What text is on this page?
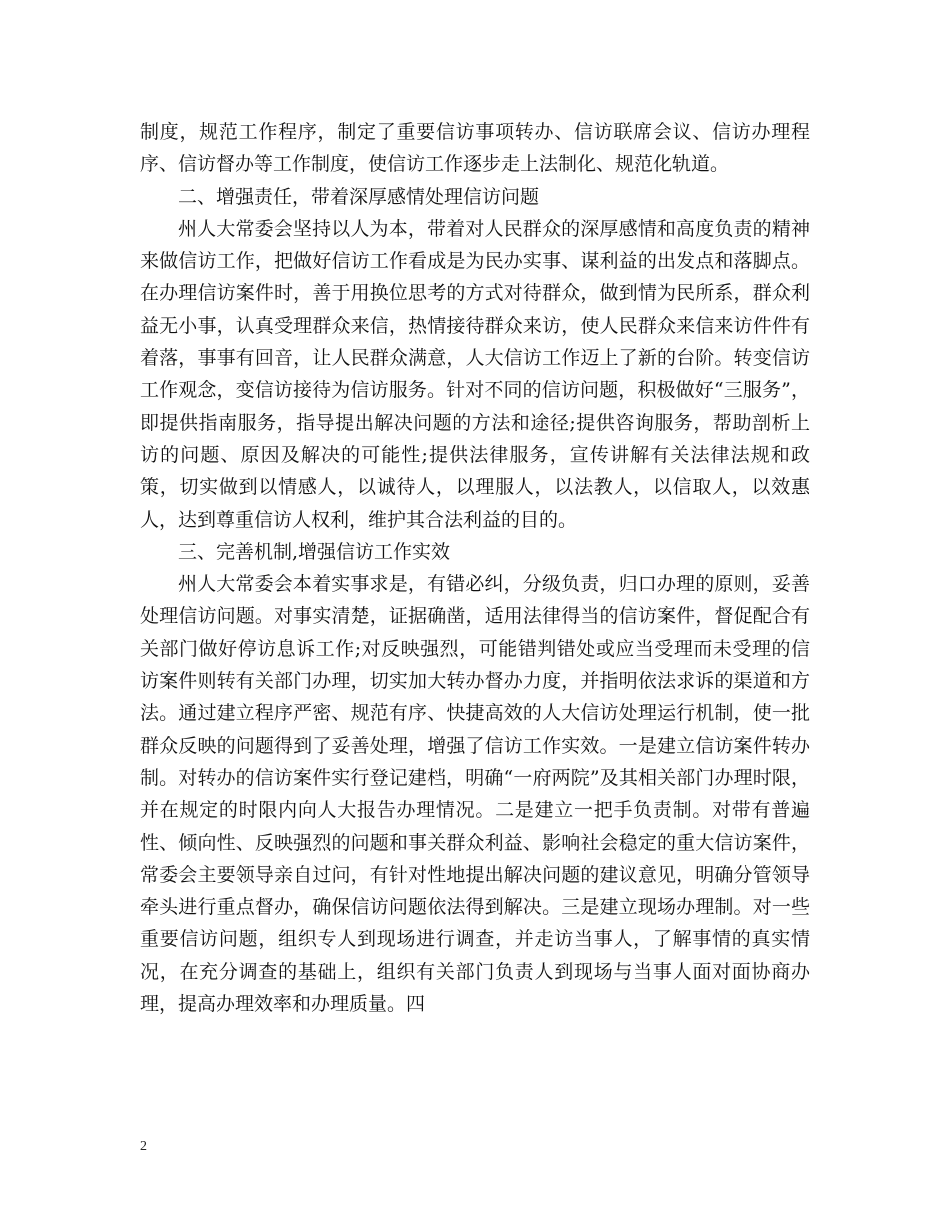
制度，规范工作程序，制定了重要信访事项转办、信访联席会议、信访办理程序、信访督办等工作制度，使信访工作逐步走上法制化、规范化轨道。

二、增强责任，带着深厚感情处理信访问题

州人大常委会坚持以人为本，带着对人民群众的深厚感情和高度负责的精神来做信访工作，把做好信访工作看成是为民办实事、谋利益的出发点和落脚点。在办理信访案件时，善于用换位思考的方式对待群众，做到情为民所系，群众利益无小事，认真受理群众来信，热情接待群众来访，使人民群众来信来访件件有着落，事事有回音，让人民群众满意，人大信访工作迈上了新的台阶。转变信访工作观念，变信访接待为信访服务。针对不同的信访问题，积极做好“三服务”，即提供指南服务，指导提出解决问题的方法和途径;提供咨询服务，帮助剖析上访的问题、原因及解决的可能性;提供法律服务，宣传讲解有关法律法规和政策，切实做到以情感人，以诚待人，以理服人，以法教人，以信取人，以效惠人，达到尊重信访人权利，维护其合法利益的目的。

三、完善机制,增强信访工作实效

州人大常委会本着实事求是，有错必纠，分级负责，归口办理的原则，妥善处理信访问题。对事实清楚，证据确凿，适用法律得当的信访案件，督促配合有关部门做好停访息诉工作;对反映强烈，可能错判错处或应当受理而未受理的信访案件则转有关部门办理，切实加大转办督办力度，并指明依法求诉的渠道和方法。通过建立程序严密、规范有序、快捷高效的人大信访处理运行机制，使一批群众反映的问题得到了妥善处理，增强了信访工作实效。一是建立信访案件转办制。对转办的信访案件实行登记建档，明确“一府两院”及其相关部门办理时限，并在规定的时限内向人大报告办理情况。二是建立一把手负责制。对带有普遍性、倾向性、反映强烈的问题和事关群众利益、影响社会稳定的重大信访案件，常委会主要领导亲自过问，有针对性地提出解决问题的建议意见，明确分管领导牵头进行重点督办，确保信访问题依法得到解决。三是建立现场办理制。对一些重要信访问题，组织专人到现场进行调查，并走访当事人，了解事情的真实情况，在充分调查的基础上，组织有关部门负责人到现场与当事人面对面协商办理，提高办理效率和办理质量。四

2
